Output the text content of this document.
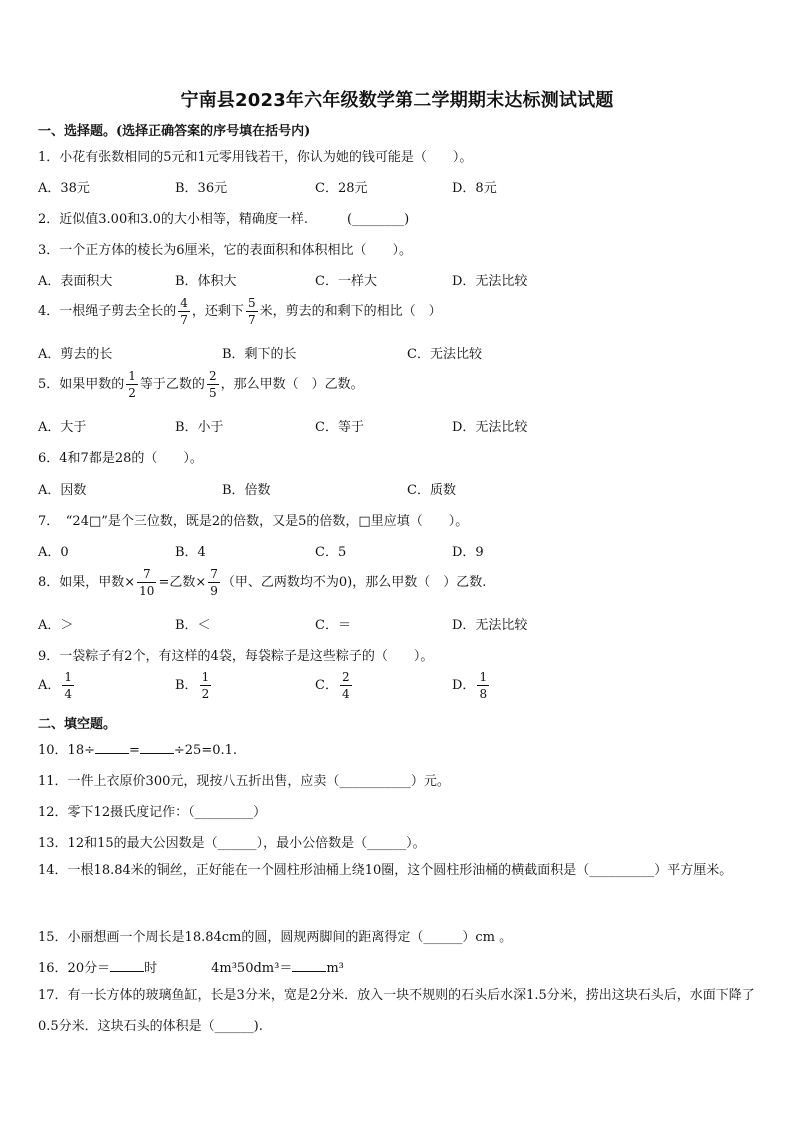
宁南县2023年六年级数学第二学期期末达标测试试题
一、选择题。(选择正确答案的序号填在括号内)
1．小花有张数相同的5元和1元零用钱若干，你认为她的钱可能是（　　）。
A．38元	B．36元	C．28元	D．8元
2．近似值3.00和3.0的大小相等，精确度一样.　　　(________)
3．一个正方体的棱长为6厘米，它的表面积和体积相比（　　）。
A．表面积大	B．体积大	C．一样大	D．无法比较
4．一根绳子剪去全长的 $\frac{4}{7}$ ，还剩下 $\frac{5}{7}$ 米，剪去的和剩下的相比（　）
A．剪去的长	B．剩下的长	C．无法比较
5．如果甲数的 $\frac{1}{2}$ 等于乙数的 $\frac{2}{5}$ ，那么甲数（　）乙数。
A．大于	B．小于	C．等于	D．无法比较
6．4和7都是28的（　　）。
A．因数	B．倍数	C．质数
7．　“24□”是个三位数，既是2的倍数，又是5的倍数，□里应填（　　）。
A．0	B．4	C．5	D．9
8．如果，甲数× $\frac{7}{10}$ =乙数× $\frac{7}{9}$ （甲、乙两数均不为0)，那么甲数（　）乙数.
A．＞	B．＜	C．＝	D．无法比较
9．一袋粽子有2个，有这样的4袋，每袋粽子是这些粽子的（　　）。
A． $\frac{1}{4}$	B． $\frac{1}{2}$	C． $\frac{2}{4}$	D． $\frac{1}{8}$
二、填空题。
10．18÷	=	÷25=0.1.
11．一件上衣原价300元，现按八五折出售，应卖（___________）元。
12．零下12摄氏度记作：（_________）
13．12和15的最大公因数是（______），最小公倍数是（______）。
14．一根18.84米的铜丝，正好能在一个圆柱形油桶上绕10圈，这个圆柱形油桶的横截面积是（__________）平方厘米。
15．小丽想画一个周长是18.84cm的圆，圆规两脚间的距离得定（______）cm 。
16．20分＝	时	4m³50dm³＝	m³
17．有一长方体的玻璃鱼缸，长是3分米，宽是2分米．放入一块不规则的石头后水深1.5分米，捞出这块石头后，水面下降了0.5分米．这块石头的体积是（______).
